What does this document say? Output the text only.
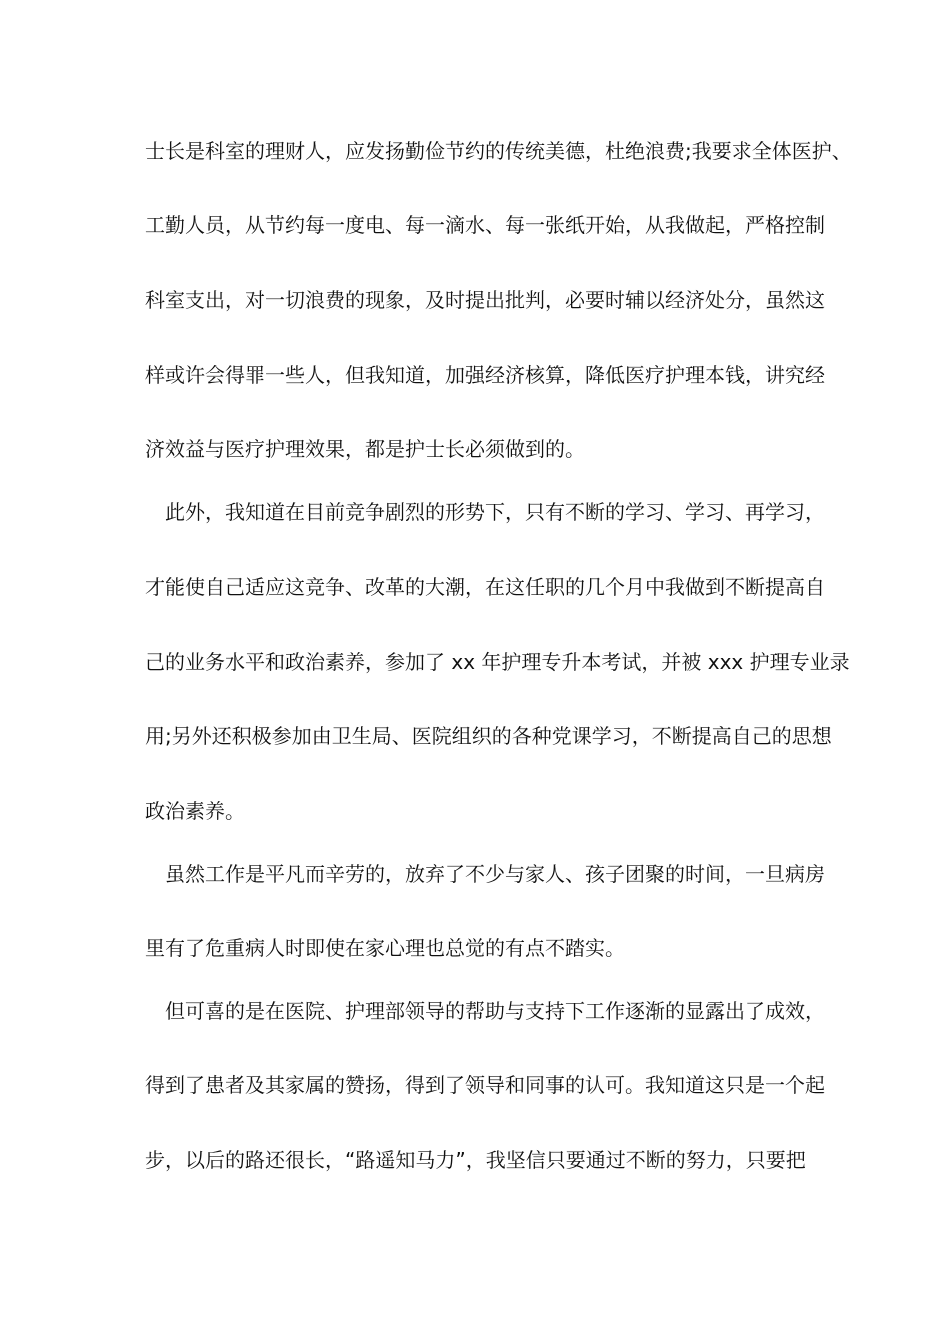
士长是科室的理财人，应发扬勤俭节约的传统美德，杜绝浪费;我要求全体医护、
工勤人员，从节约每一度电、每一滴水、每一张纸开始，从我做起，严格控制
科室支出，对一切浪费的现象，及时提出批判，必要时辅以经济处分，虽然这
样或许会得罪一些人，但我知道，加强经济核算，降低医疗护理本钱，讲究经
济效益与医疗护理效果，都是护士长必须做到的。
此外，我知道在目前竞争剧烈的形势下，只有不断的学习、学习、再学习，
才能使自己适应这竞争、改革的大潮，在这任职的几个月中我做到不断提高自
己的业务水平和政治素养，参加了 xx 年护理专升本考试，并被 xxx 护理专业录
用;另外还积极参加由卫生局、医院组织的各种党课学习，不断提高自己的思想
政治素养。
虽然工作是平凡而辛劳的，放弃了不少与家人、孩子团聚的时间，一旦病房
里有了危重病人时即使在家心理也总觉的有点不踏实。
但可喜的是在医院、护理部领导的帮助与支持下工作逐渐的显露出了成效，
得到了患者及其家属的赞扬，得到了领导和同事的认可。我知道这只是一个起
步，以后的路还很长，“路遥知马力”，我坚信只要通过不断的努力，只要把
